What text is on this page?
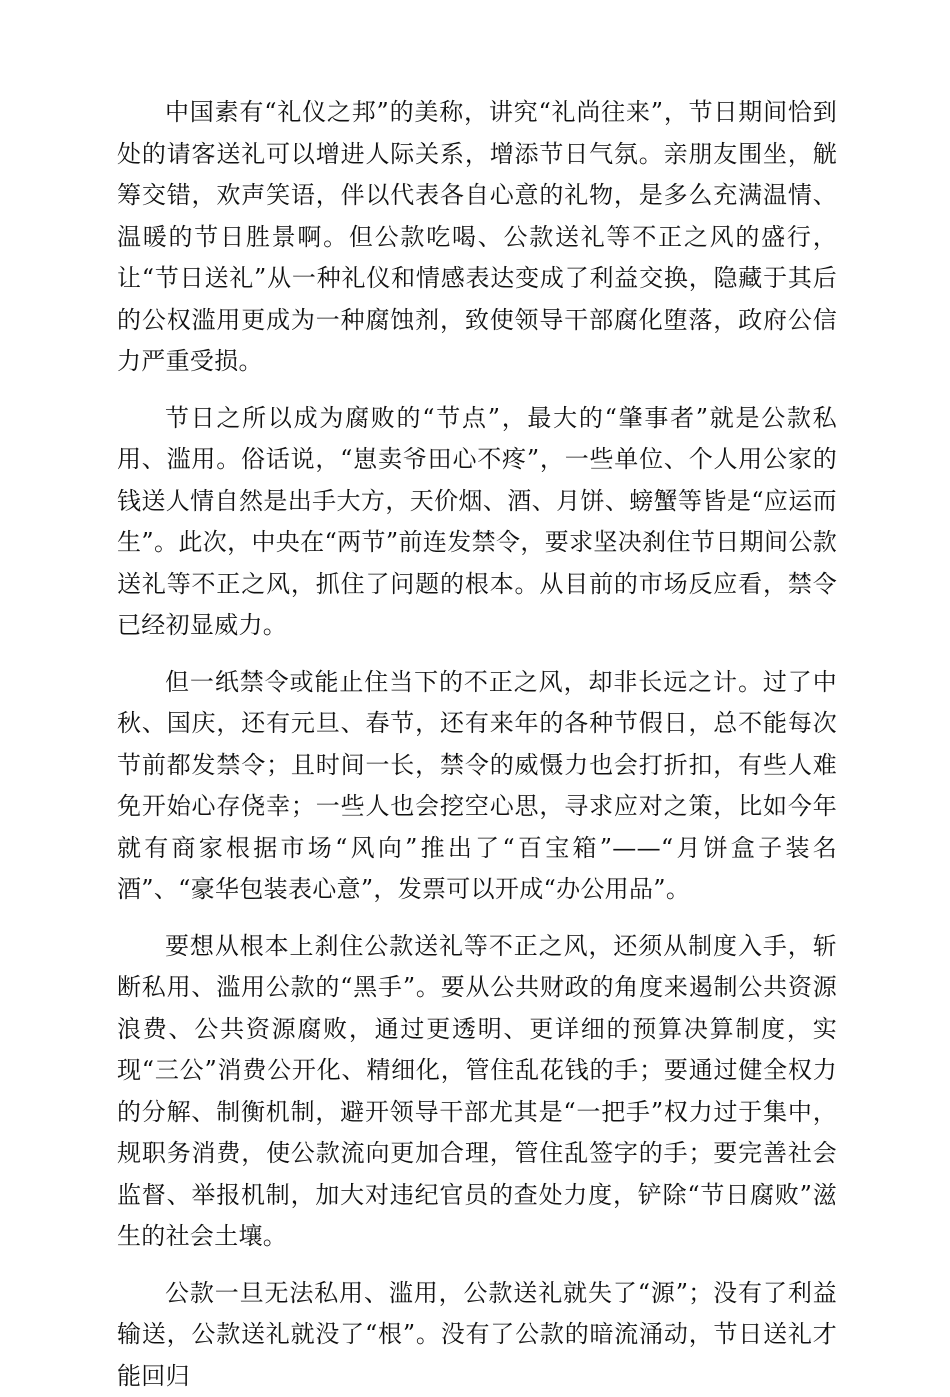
中国素有“礼仪之邦”的美称，讲究“礼尚往来”，节日期间恰到处的请客送礼可以增进人际关系，增添节日气氛。亲朋友围坐，觥筹交错，欢声笑语，伴以代表各自心意的礼物，是多么充满温情、温暖的节日胜景啊。但公款吃喝、公款送礼等不正之风的盛行，让“节日送礼”从一种礼仪和情感表达变成了利益交换，隐藏于其后的公权滥用更成为一种腐蚀剂，致使领导干部腐化堕落，政府公信力严重受损。

节日之所以成为腐败的“节点”，最大的“肇事者”就是公款私用、滥用。俗话说，“崽卖爷田心不疼”，一些单位、个人用公家的钱送人情自然是出手大方，天价烟、酒、月饼、螃蟹等皆是“应运而生”。此次，中央在“两节”前连发禁令，要求坚决刹住节日期间公款送礼等不正之风，抓住了问题的根本。从目前的市场反应看，禁令已经初显威力。

但一纸禁令或能止住当下的不正之风，却非长远之计。过了中秋、国庆，还有元旦、春节，还有来年的各种节假日，总不能每次节前都发禁令；且时间一长，禁令的威慑力也会打折扣，有些人难免开始心存侥幸；一些人也会挖空心思，寻求应对之策，比如今年就有商家根据市场“风向”推出了“百宝箱”——“月饼盒子装名酒”、“豪华包装表心意”，发票可以开成“办公用品”。

要想从根本上刹住公款送礼等不正之风，还须从制度入手，斩断私用、滥用公款的“黑手”。要从公共财政的角度来遏制公共资源浪费、公共资源腐败，通过更透明、更详细的预算决算制度，实现“三公”消费公开化、精细化，管住乱花钱的手；要通过健全权力的分解、制衡机制，避开领导干部尤其是“一把手”权力过于集中，规职务消费，使公款流向更加合理，管住乱签字的手；要完善社会监督、举报机制，加大对违纪官员的查处力度，铲除“节日腐败”滋生的社会土壤。

公款一旦无法私用、滥用，公款送礼就失了“源”；没有了利益输送，公款送礼就没了“根”。没有了公款的暗流涌动，节日送礼才能回归
